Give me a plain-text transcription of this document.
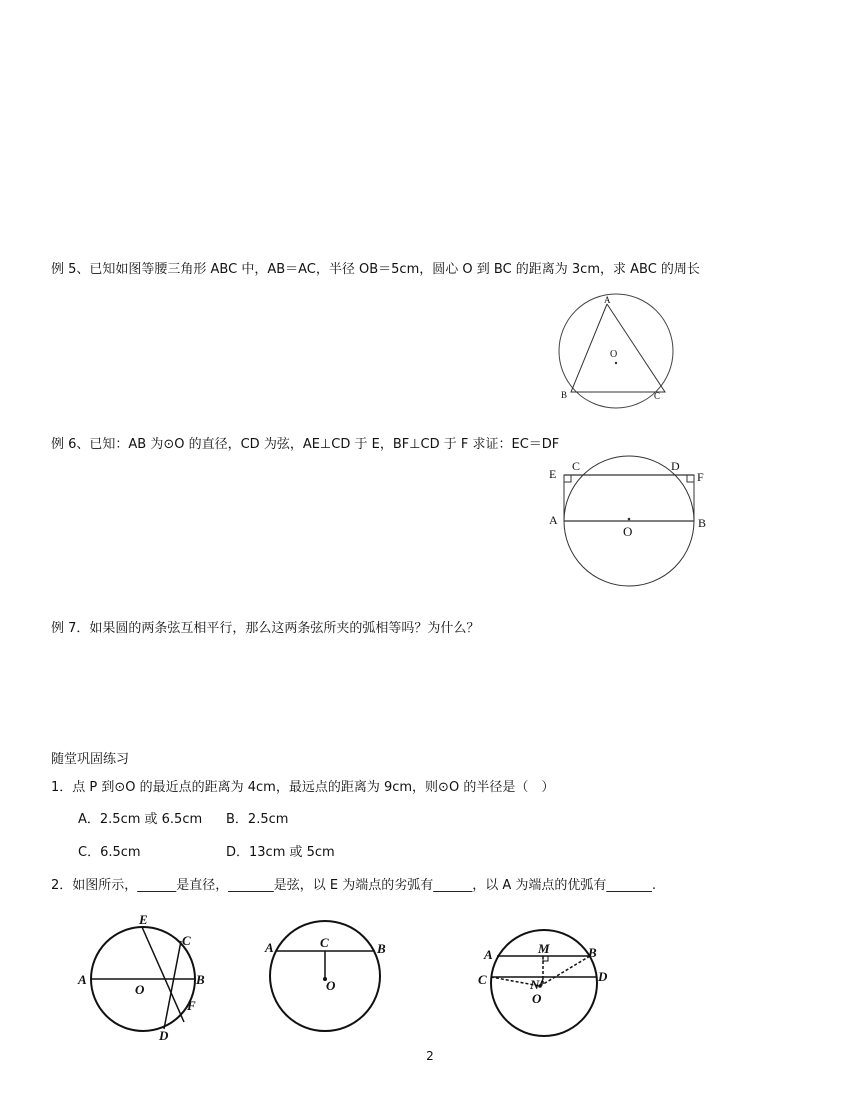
例 5、已知如图等腰三角形 ABC 中，AB＝AC，半径 OB＝5cm，圆心 O 到 BC 的距离为 3cm，求 ABC 的周长
A
B	C
O
例 6、已知：AB 为⊙O 的直径，CD 为弦，AE⊥CD 于 E，BF⊥CD 于 F 求证：EC＝DF
E
C	D
F
A	B
O
例 7．如果圆的两条弦互相平行，那么这两条弦所夹的弧相等吗？为什么？
随堂巩固练习
1．点 P 到⊙O 的最近点的距离为 4cm，最远点的距离为 9cm，则⊙O 的半径是（　）
A．2.5cm 或 6.5cm B．2.5cm
C．6.5cm	D．13cm 或 5cm
2．如图所示，______是直径，_______是弦，以 E 为端点的劣弧有______，以 A 为端点的优弧有_______.
E
C
A
O
B
F
D
A	C	B
O
A	M	B
C	D
N
O
2
